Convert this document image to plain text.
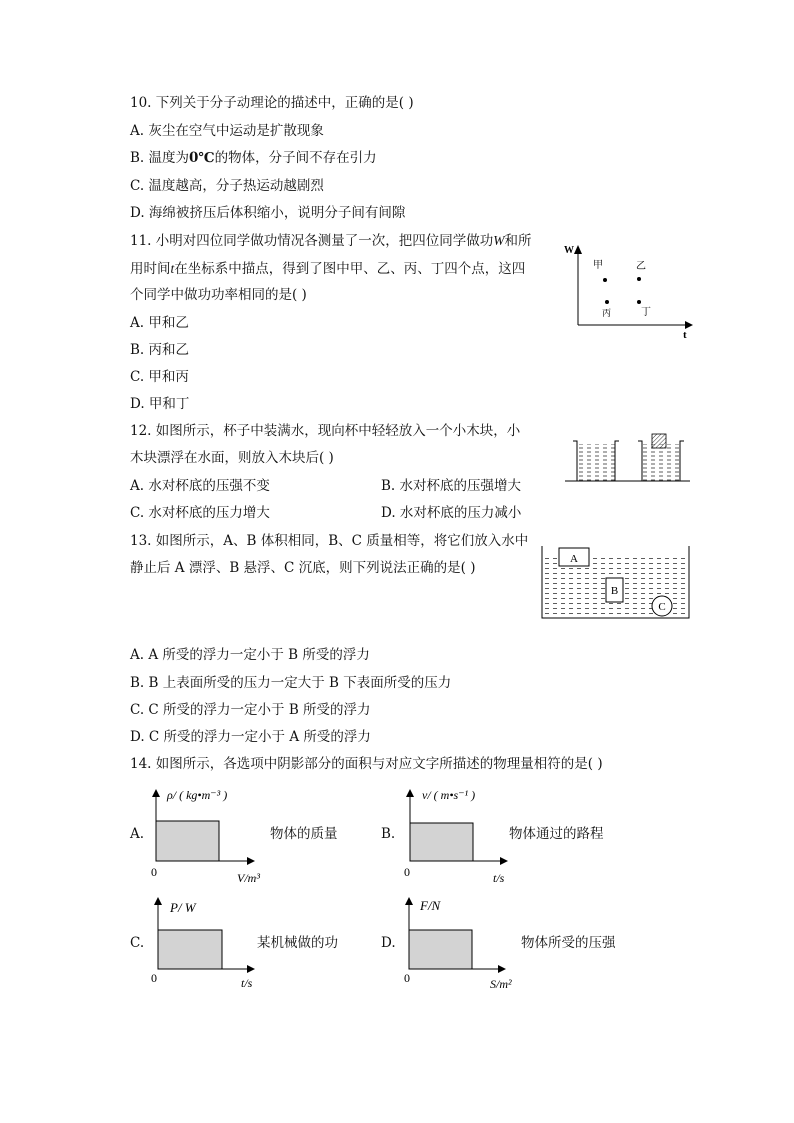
10. 下列关于分子动理论的描述中，正确的是( )
A. 灰尘在空气中运动是扩散现象
B. 温度为0℃的物体，分子间不存在引力
C. 温度越高，分子热运动越剧烈
D. 海绵被挤压后体积缩小，说明分子间有间隙
11. 小明对四位同学做功情况各测量了一次，把四位同学做功W和所
用时间t在坐标系中描点，得到了图中甲、乙、丙、丁四个点，这四
个同学中做功功率相同的是( )
A. 甲和乙
B. 丙和乙
C. 甲和丙
D. 甲和丁
W
t
甲	乙
丙	丁
12. 如图所示，杯子中装满水，现向杯中轻轻放入一个小木块，小
木块漂浮在水面，则放入木块后( )
A. 水对杯底的压强不变	B. 水对杯底的压强增大
C. 水对杯底的压力增大	D. 水对杯底的压力减小
13. 如图所示，A、B 体积相同，B、C 质量相等，将它们放入水中
静止后 A 漂浮、B 悬浮、C 沉底，则下列说法正确的是( )
A
B
C
A. A 所受的浮力一定小于 B 所受的浮力
B. B 上表面所受的压力一定大于 B 下表面所受的压力
C. C 所受的浮力一定小于 B 所受的浮力
D. C 所受的浮力一定小于 A 所受的浮力
14. 如图所示，各选项中阴影部分的面积与对应文字所描述的物理量相符的是( )
A.
ρ/ ( kg•m⁻³ )
0	V/m³
物体的质量	B.
v/ ( m•s⁻¹ )
0	t/s
物体通过的路程
C.
P/ W
0	t/s
某机械做的功	D.
F/N
0	S/m²
物体所受的压强
